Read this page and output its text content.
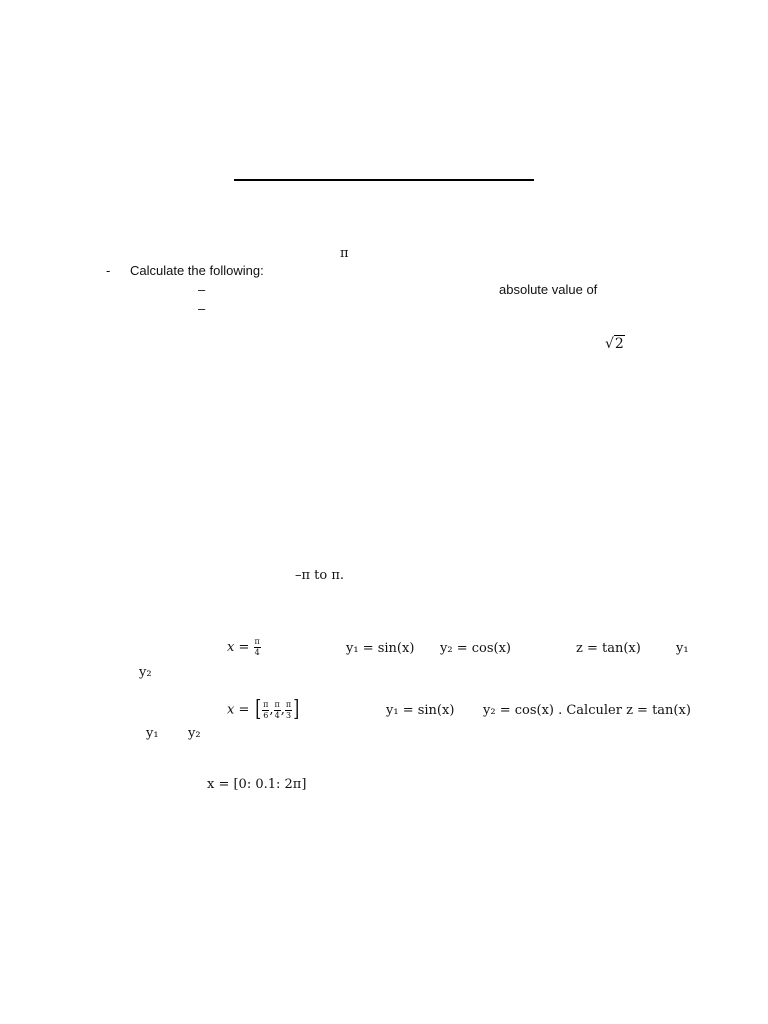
π
- Calculate the following:
–	absolute value of
–
√2
–π to π.
$x = \frac{\pi}{4}$	y₁ = sin(x) y₂ = cos(x)	z = tan(x)	y₁
y₂
x = [ $\frac{\pi}{6}$ , $\frac{\pi}{4}$ , $\frac{\pi}{3}$ ]	y₁ = sin(x) y₂ = cos(x) . Calculer z = tan(x)
y₁ y₂
x = [0: 0.1: 2π]
